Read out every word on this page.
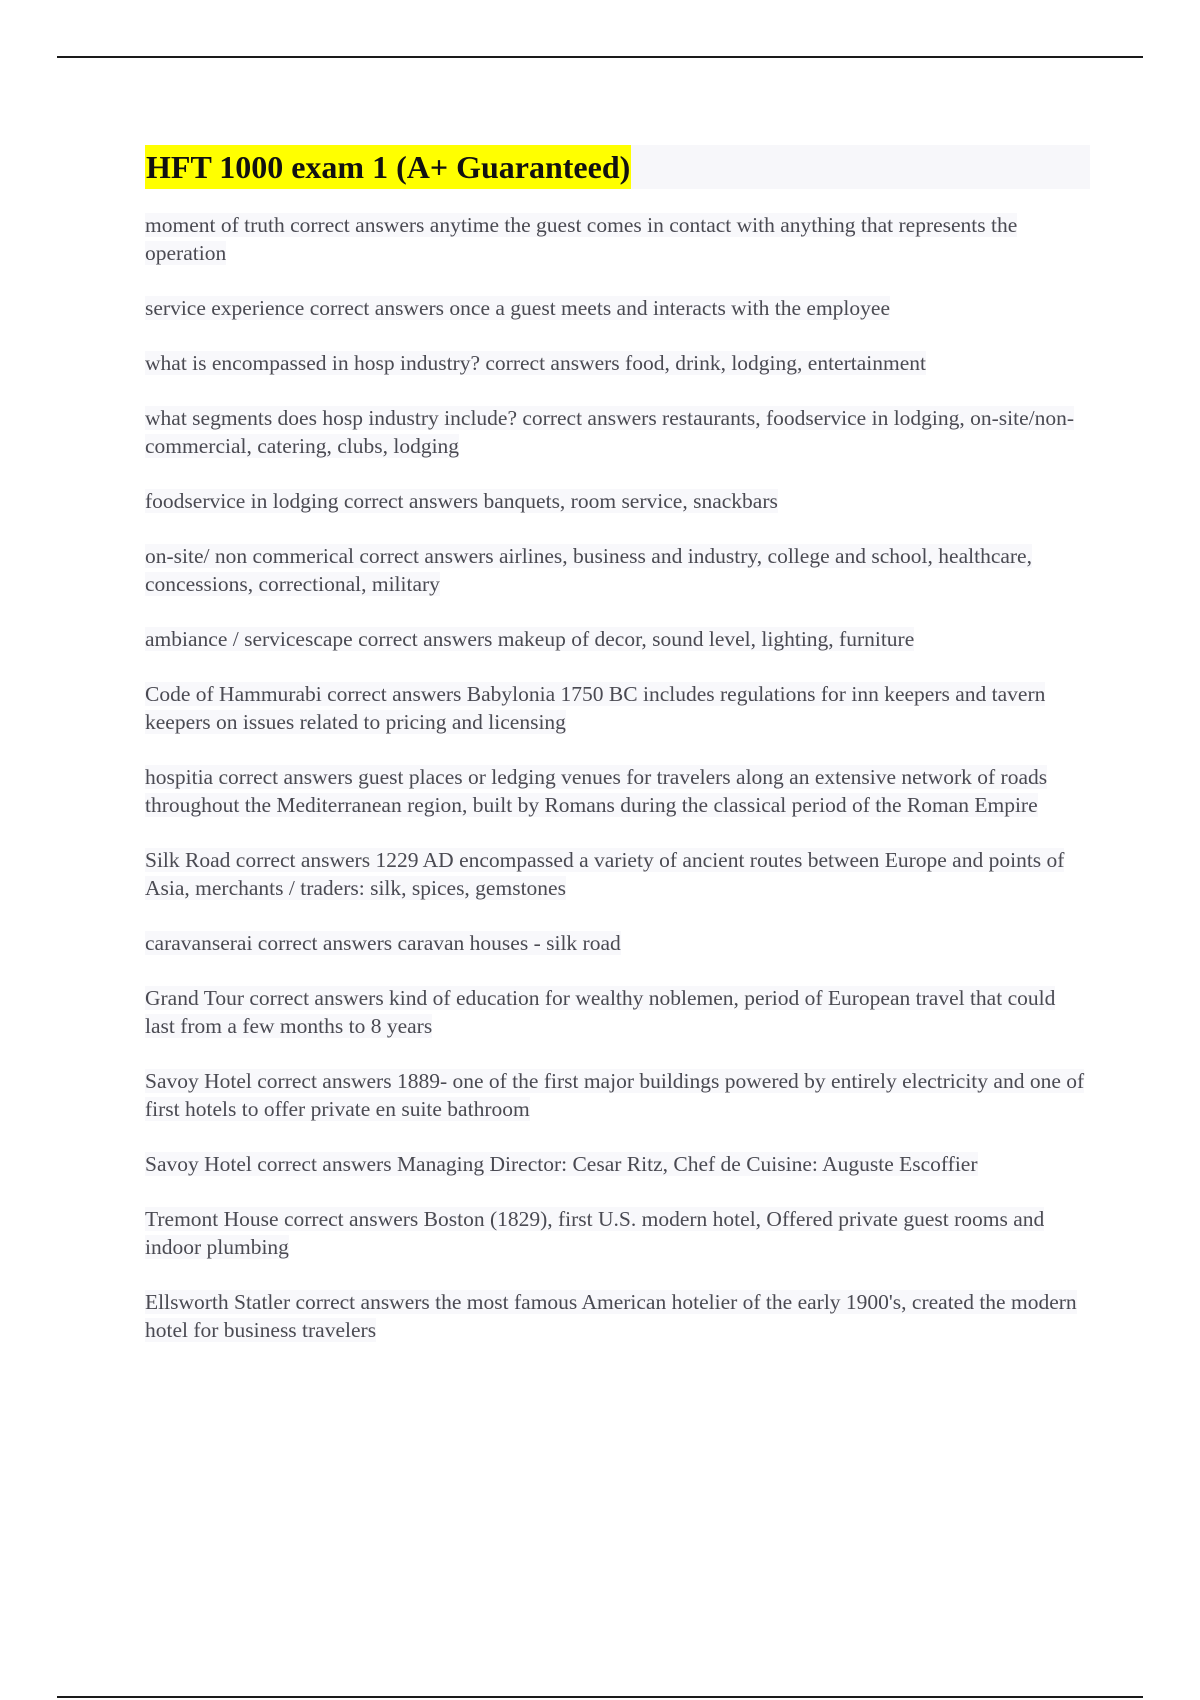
HFT 1000 exam 1 (A+ Guaranteed)

moment of truth correct answers anytime the guest comes in contact with anything that represents the operation

service experience correct answers once a guest meets and interacts with the employee

what is encompassed in hosp industry? correct answers food, drink, lodging, entertainment

what segments does hosp industry include? correct answers restaurants, foodservice in lodging, on-site/non-commercial, catering, clubs, lodging

foodservice in lodging correct answers banquets, room service, snackbars

on-site/ non commerical correct answers airlines, business and industry, college and school, healthcare, concessions, correctional, military

ambiance / servicescape correct answers makeup of decor, sound level, lighting, furniture

Code of Hammurabi correct answers Babylonia 1750 BC includes regulations for inn keepers and tavern keepers on issues related to pricing and licensing

hospitia correct answers guest places or ledging venues for travelers along an extensive network of roads throughout the Mediterranean region, built by Romans during the classical period of the Roman Empire

Silk Road correct answers 1229 AD encompassed a variety of ancient routes between Europe and points of Asia, merchants / traders: silk, spices, gemstones

caravanserai correct answers caravan houses - silk road

Grand Tour correct answers kind of education for wealthy noblemen, period of European travel that could last from a few months to 8 years

Savoy Hotel correct answers 1889- one of the first major buildings powered by entirely electricity and one of first hotels to offer private en suite bathroom

Savoy Hotel correct answers Managing Director: Cesar Ritz, Chef de Cuisine: Auguste Escoffier

Tremont House correct answers Boston (1829), first U.S. modern hotel, Offered private guest rooms and indoor plumbing

Ellsworth Statler correct answers the most famous American hotelier of the early 1900's, created the modern hotel for business travelers
